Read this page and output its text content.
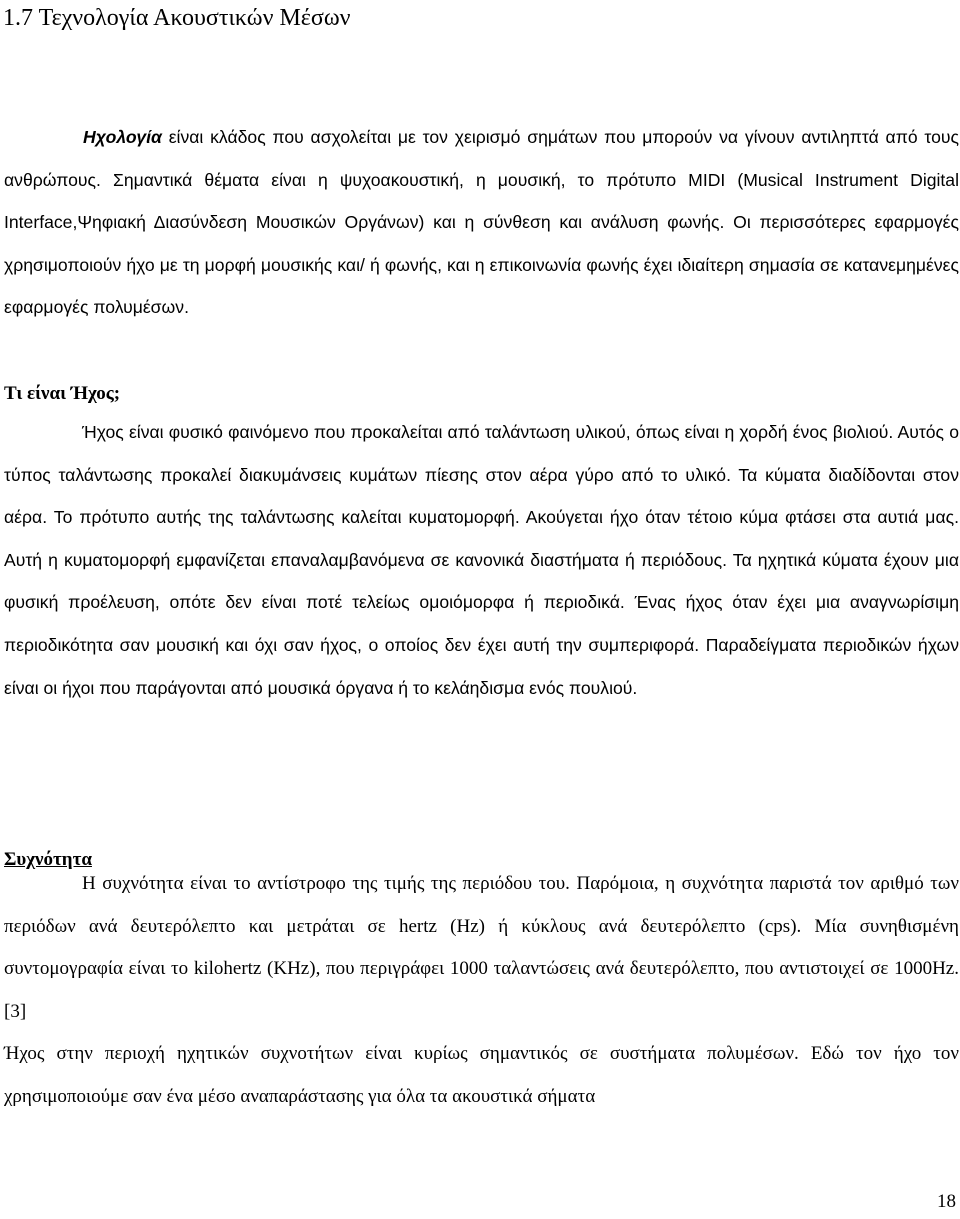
1.7 Τεχνολογία Ακουστικών Μέσων

Ηχολογία είναι κλάδος που ασχολείται με τον χειρισμό σημάτων που μπορούν να γίνουν αντιληπτά από τους ανθρώπους. Σημαντικά θέματα είναι η ψυχοακουστική, η μουσική, το πρότυπο MIDI (Musical Instrument Digital Interface,Ψηφιακή Διασύνδεση Μουσικών Οργάνων) και η σύνθεση και ανάλυση φωνής. Οι περισσότερες εφαρμογές χρησιμοποιούν ήχο με τη μορφή μουσικής και/ ή φωνής, και η επικοινωνία φωνής έχει ιδιαίτερη σημασία σε κατανεμημένες εφαρμογές πολυμέσων.

Τι είναι Ήχος;

Ήχος είναι φυσικό φαινόμενο που προκαλείται από ταλάντωση υλικού, όπως είναι η χορδή ένος βιολιού. Αυτός ο τύπος ταλάντωσης προκαλεί διακυμάνσεις κυμάτων πίεσης στον αέρα γύρο από το υλικό. Τα κύματα διαδίδονται στον αέρα. Το πρότυπο αυτής της ταλάντωσης καλείται κυματομορφή. Ακούγεται ήχο όταν τέτοιο κύμα φτάσει στα αυτιά μας. Αυτή η κυματομορφή εμφανίζεται επαναλαμβανόμενα σε κανονικά διαστήματα ή περιόδους. Τα ηχητικά κύματα έχουν μια φυσική προέλευση, οπότε δεν είναι ποτέ τελείως ομοιόμορφα ή περιοδικά. Ένας ήχος όταν έχει μια αναγνωρίσιμη περιοδικότητα σαν μουσική και όχι σαν ήχος, ο οποίος δεν έχει αυτή την συμπεριφορά. Παραδείγματα περιοδικών ήχων είναι οι ήχοι που παράγονται από μουσικά όργανα ή το κελάηδισμα ενός πουλιού.

Συχνότητα

Η συχνότητα είναι το αντίστροφο της τιμής της περιόδου του. Παρόμοια, η συχνότητα παριστά τον αριθμό των περιόδων ανά δευτερόλεπτο και μετράται σε hertz (Hz) ή κύκλους ανά δευτερόλεπτο (cps). Μία συνηθισμένη συντομογραφία είναι το kilohertz (KHz), που περιγράφει 1000 ταλαντώσεις ανά δευτερόλεπτο, που αντιστοιχεί σε 1000Hz.[3]

Ήχος στην περιοχή ηχητικών συχνοτήτων είναι κυρίως σημαντικός σε συστήματα πολυμέσων. Εδώ τον ήχο τον χρησιμοποιούμε σαν ένα μέσο αναπαράστασης για όλα τα ακουστικά σήματα

18
